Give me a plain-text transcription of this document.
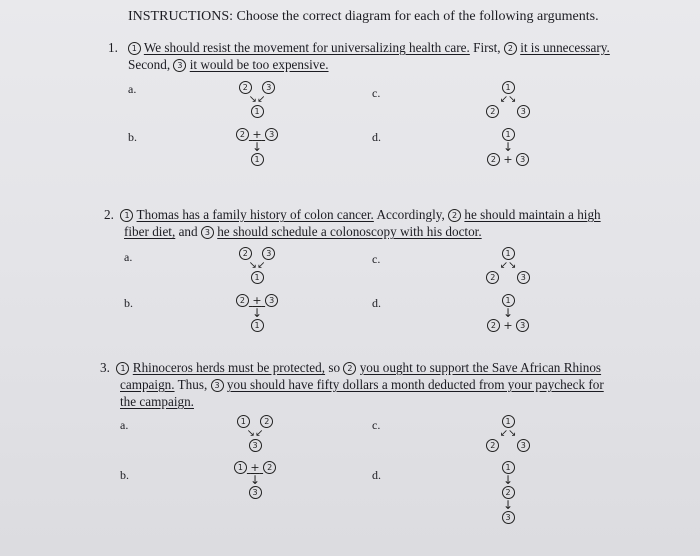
INSTRUCTIONS: Choose the correct diagram for each of the following arguments.
1. 1 We should resist the movement for universalizing health care. First, 2 it is unnecessary.
Second, 3 it would be too expensive.
a.
b.
c.
d.
2 3
↘↙
1
2 + 3
↓
1
1
↙↘
2	3
1
↓
2 + 3
2. 1 Thomas has a family history of colon cancer. Accordingly, 2 he should maintain a high
fiber diet, and 3 he should schedule a colonoscopy with his doctor.
a.
b.
c.
d.
2 3
↘↙
1
2 + 3
↓
1
1
↙↘
2	3
1
↓
2 + 3
3. 1 Rhinoceros herds must be protected, so 2 you ought to support the Save African Rhinos
campaign. Thus, 3 you should have fifty dollars a month deducted from your paycheck for
the campaign.
a.
b.
c.
d.
1 2
↘↙
3
1 + 2
↓
3
1
↙↘
2	3
1
↓
2
↓
3
